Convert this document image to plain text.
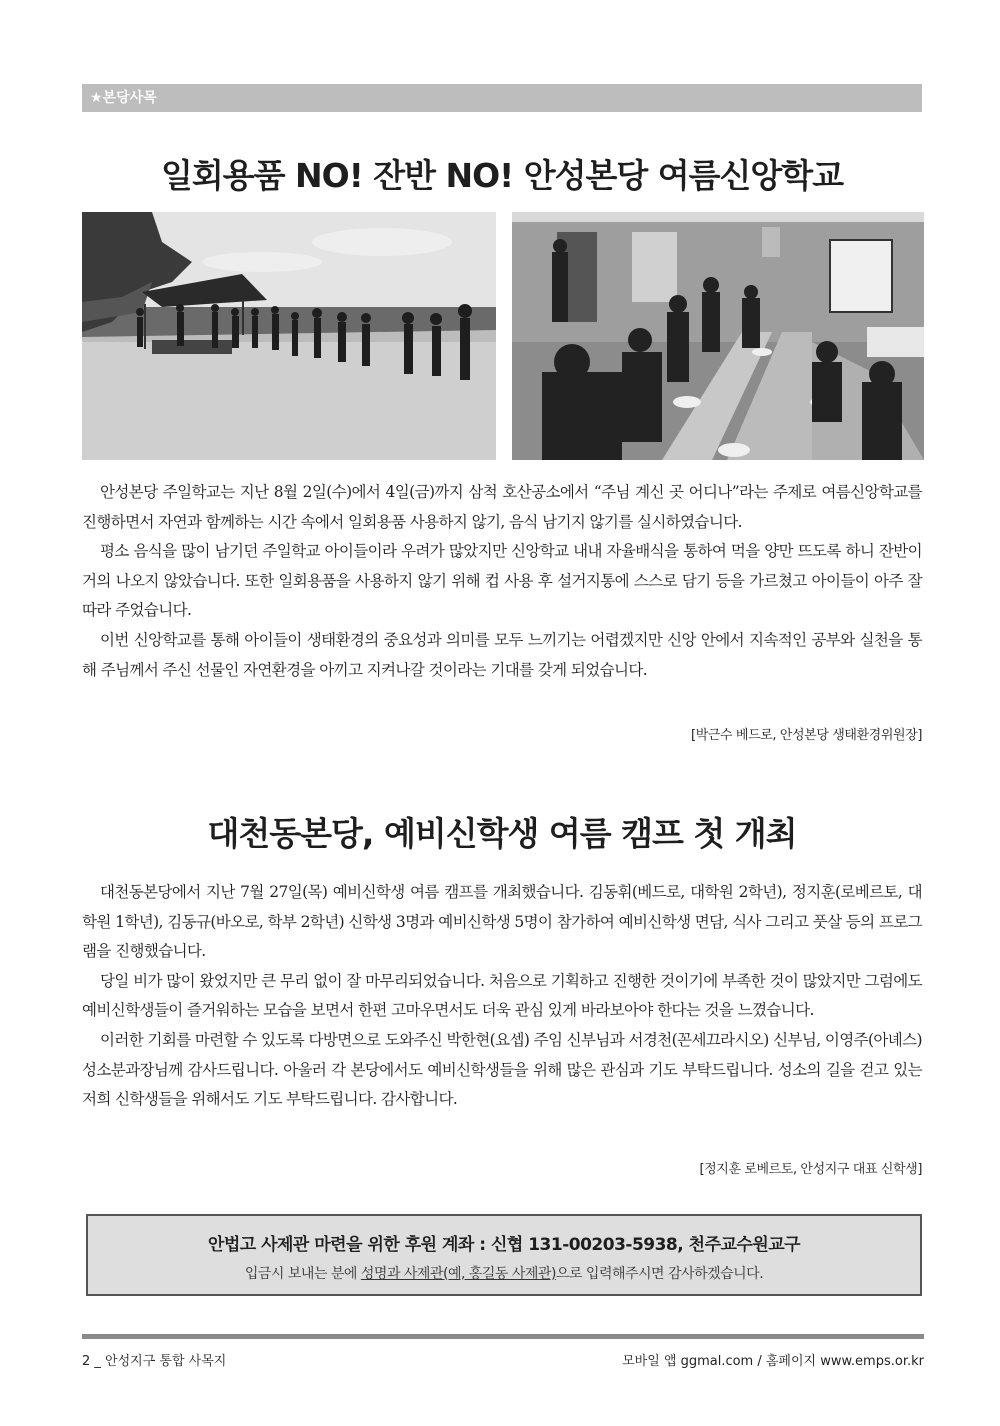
★본당사목
일회용품 NO! 잔반 NO! 안성본당 여름신앙학교

안성본당 주일학교는 지난 8월 2일(수)에서 4일(금)까지 삼척 호산공소에서 “주님 계신 곳 어디나”라는 주제로 여름신앙학교를 진행하면서 자연과 함께하는 시간 속에서 일회용품 사용하지 않기, 음식 남기지 않기를 실시하였습니다.

평소 음식을 많이 남기던 주일학교 아이들이라 우려가 많았지만 신앙학교 내내 자율배식을 통하여 먹을 양만 뜨도록 하니 잔반이 거의 나오지 않았습니다. 또한 일회용품을 사용하지 않기 위해 컵 사용 후 설거지통에 스스로 담기 등을 가르쳤고 아이들이 아주 잘 따라 주었습니다.

이번 신앙학교를 통해 아이들이 생태환경의 중요성과 의미를 모두 느끼기는 어렵겠지만 신앙 안에서 지속적인 공부와 실천을 통해 주님께서 주신 선물인 자연환경을 아끼고 지켜나갈 것이라는 기대를 갖게 되었습니다.

[박근수 베드로, 안성본당 생태환경위원장]
대천동본당, 예비신학생 여름 캠프 첫 개최

대천동본당에서 지난 7월 27일(목) 예비신학생 여름 캠프를 개최했습니다. 김동휘(베드로, 대학원 2학년), 정지훈(로베르토, 대학원 1학년), 김동규(바오로, 학부 2학년) 신학생 3명과 예비신학생 5명이 참가하여 예비신학생 면담, 식사 그리고 풋살 등의 프로그램을 진행했습니다.

당일 비가 많이 왔었지만 큰 무리 없이 잘 마무리되었습니다. 처음으로 기획하고 진행한 것이기에 부족한 것이 많았지만 그럼에도 예비신학생들이 즐거워하는 모습을 보면서 한편 고마우면서도 더욱 관심 있게 바라보아야 한다는 것을 느꼈습니다.

이러한 기회를 마련할 수 있도록 다방면으로 도와주신 박한현(요셉) 주임 신부님과 서경천(꼰세끄라시오) 신부님, 이영주(아녜스) 성소분과장님께 감사드립니다. 아울러 각 본당에서도 예비신학생들을 위해 많은 관심과 기도 부탁드립니다. 성소의 길을 걷고 있는 저희 신학생들을 위해서도 기도 부탁드립니다. 감사합니다.

[정지훈 로베르토, 안성지구 대표 신학생]
안법고 사제관 마련을 위한 후원 계좌 : 신협 131-00203-5938, 천주교수원교구
입금시 보내는 분에 성명과 사제관(예, 홍길동 사제관)으로 입력해주시면 감사하겠습니다.
2 _ 안성지구 통합 사목지	모바일 앱 ggmal.com / 홈페이지 www.emps.or.kr
